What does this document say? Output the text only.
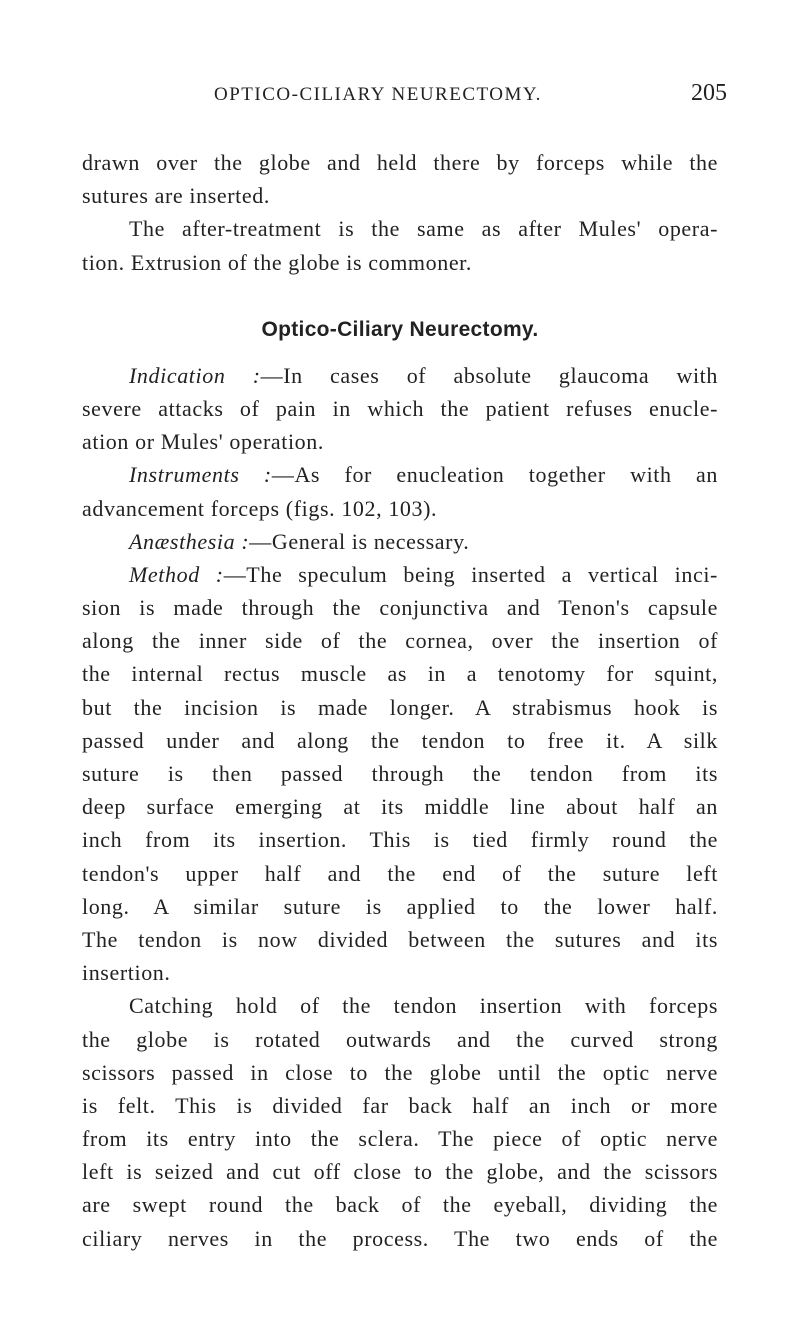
OPTICO-CILIARY NEURECTOMY.	205
drawn over the globe and held there by forceps while the
sutures are inserted.
The after-treatment is the same as after Mules' opera-
tion. Extrusion of the globe is commoner.
Optico-Ciliary Neurectomy.
Indication :—In cases of absolute glaucoma with
severe attacks of pain in which the patient refuses enucle-
ation or Mules' operation.
Instruments :—As for enucleation together with an
advancement forceps (figs. 102, 103).
Anæsthesia :—General is necessary.
Method :—The speculum being inserted a vertical inci-
sion is made through the conjunctiva and Tenon's capsule
along the inner side of the cornea, over the insertion of
the internal rectus muscle as in a tenotomy for squint,
but the incision is made longer. A strabismus hook is
passed under and along the tendon to free it. A silk
suture is then passed through the tendon from its
deep surface emerging at its middle line about half an
inch from its insertion. This is tied firmly round the
tendon's upper half and the end of the suture left
long. A similar suture is applied to the lower half.
The tendon is now divided between the sutures and its
insertion.
Catching hold of the tendon insertion with forceps
the globe is rotated outwards and the curved strong
scissors passed in close to the globe until the optic nerve
is felt. This is divided far back half an inch or more
from its entry into the sclera. The piece of optic nerve
left is seized and cut off close to the globe, and the scissors
are swept round the back of the eyeball, dividing the
ciliary nerves in the process. The two ends of the
